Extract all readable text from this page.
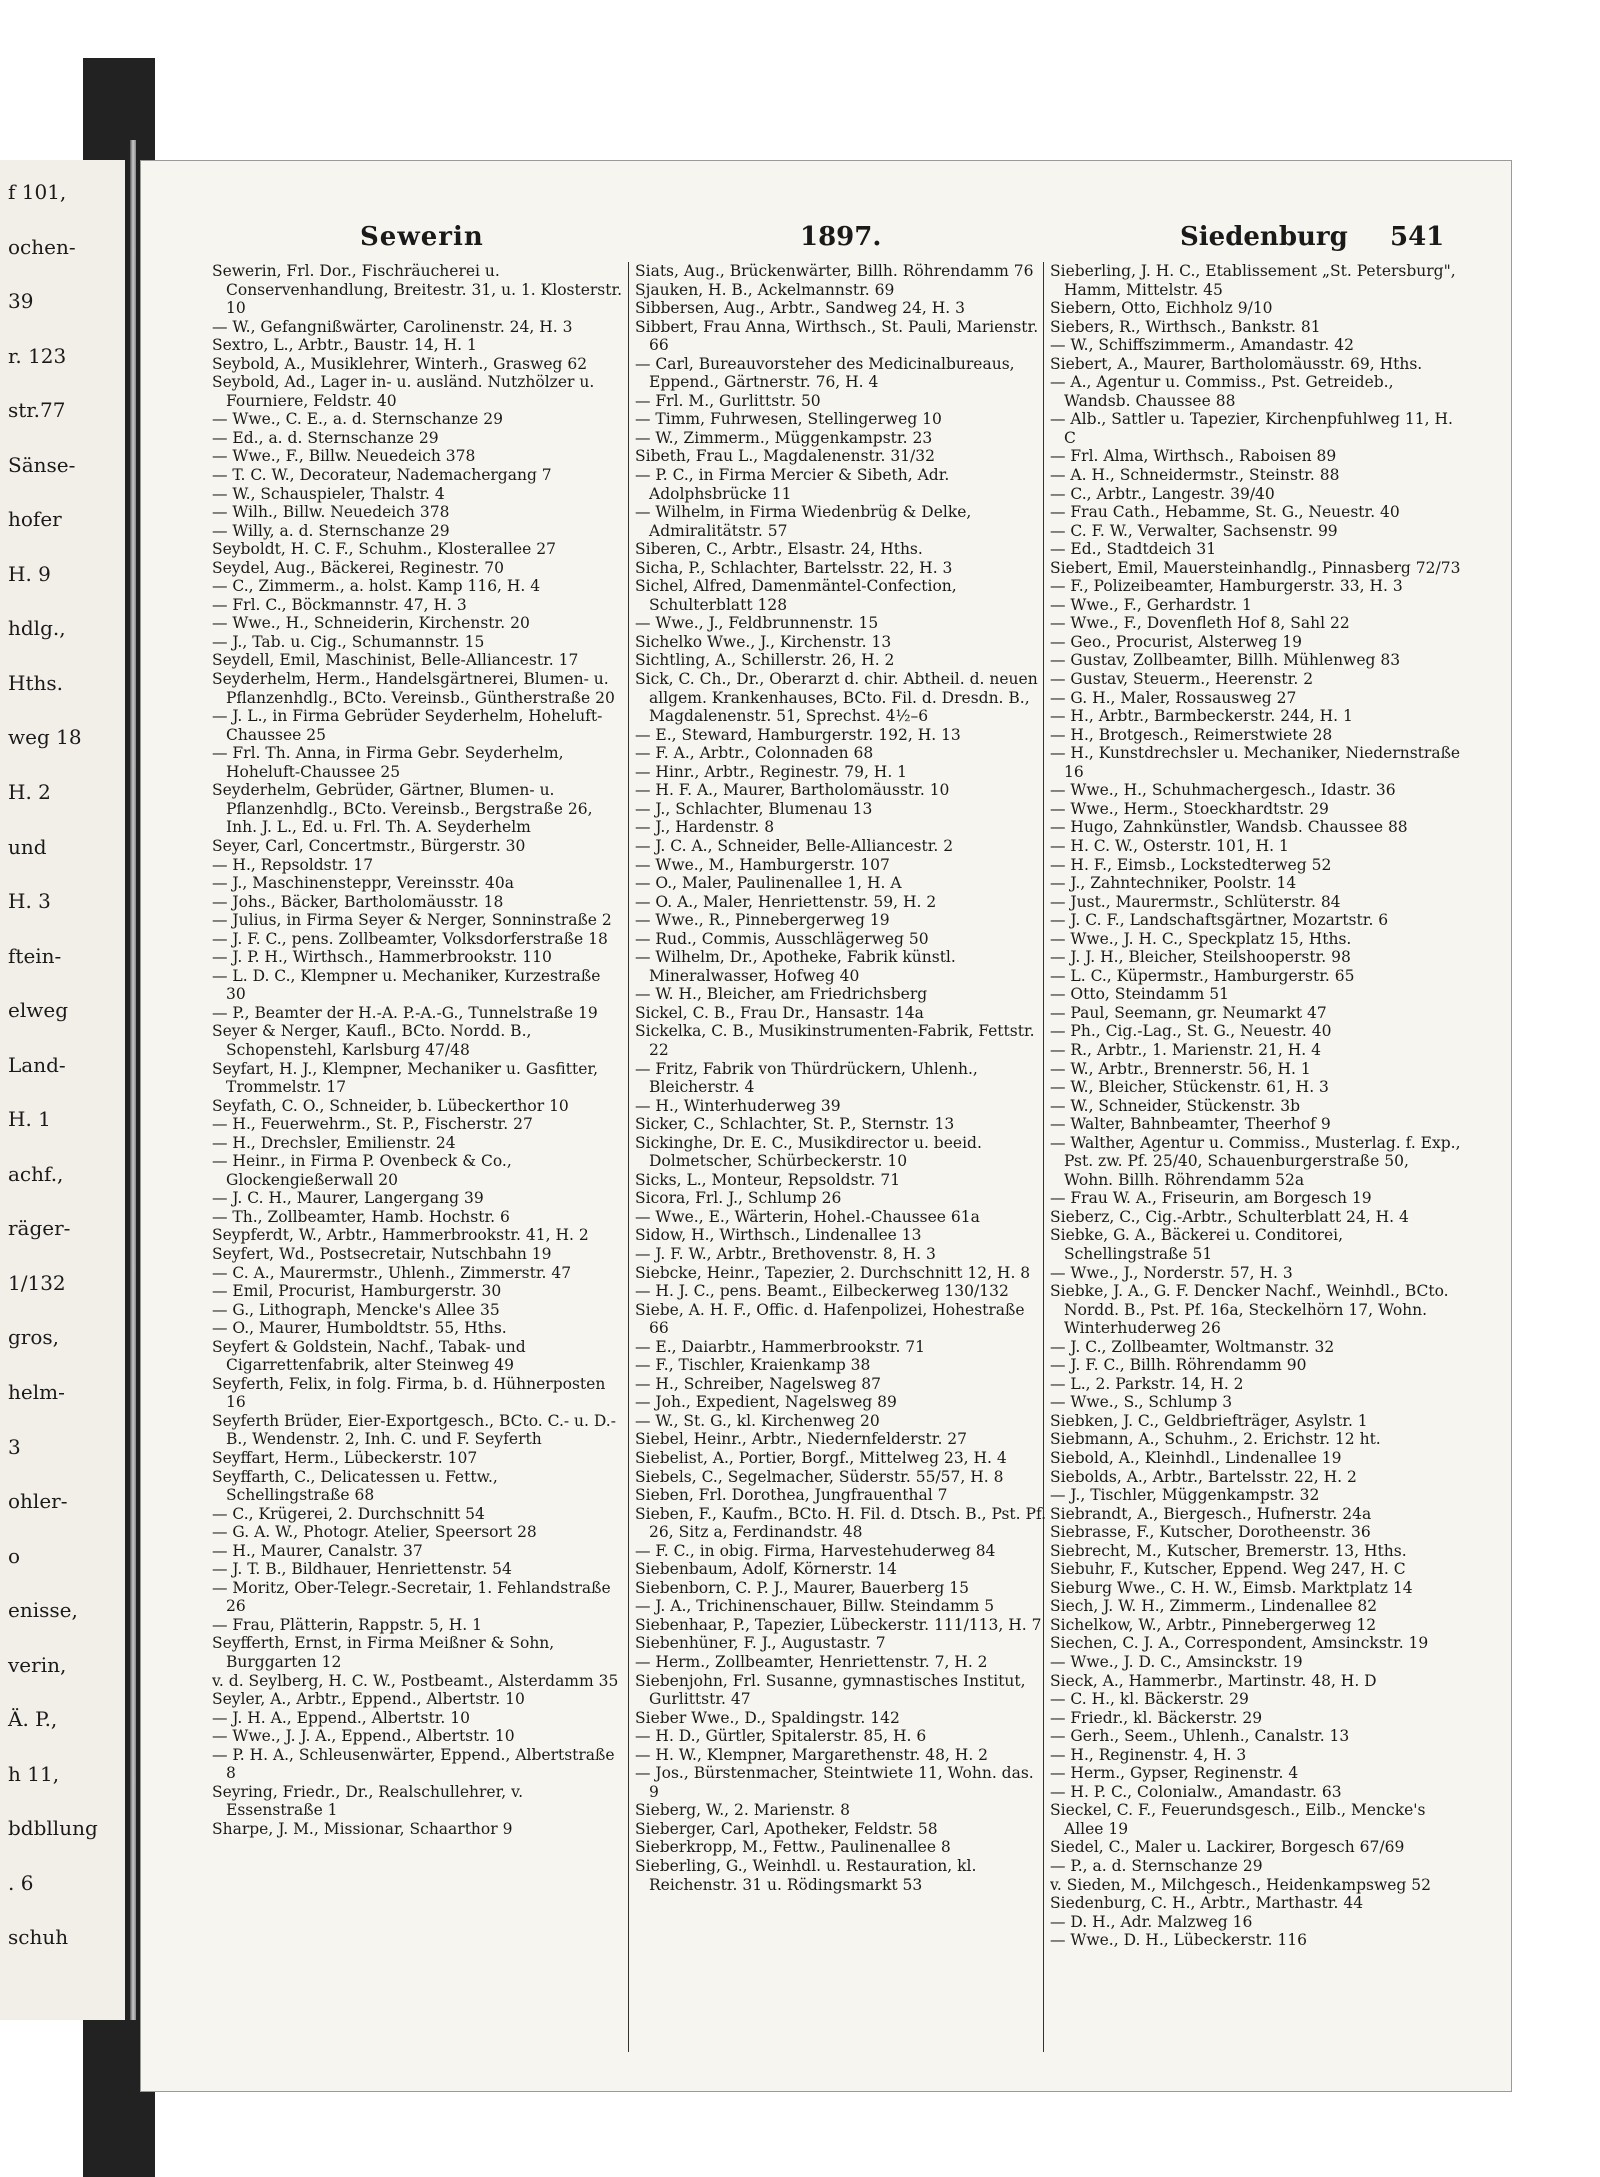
f 101,
ochen-
39
r. 123
str.77
Sänse-
hofer
H. 9
hdlg.,
Hths.
weg 18
H. 2
und
H. 3
ftein-
elweg
Land-
H. 1
achf.,
räger-
1/132
gros,
helm-
3
ohler-
o
enisse,
verin,
Ä. P.,
h 11,
bdbllung
. 6
schuh
Sewerin	1897.	Siedenburg 541

Sewerin, Frl. Dor., Fischräucherei u. Conservenhandlung, Breitestr. 31, u. 1. Klosterstr. 10

— W., Gefangnißwärter, Carolinenstr. 24, H. 3

Sextro, L., Arbtr., Baustr. 14, H. 1

Seybold, A., Musiklehrer, Winterh., Grasweg 62

Seybold, Ad., Lager in- u. ausländ. Nutzhölzer u. Fourniere, Feldstr. 40

— Wwe., C. E., a. d. Sternschanze 29

— Ed., a. d. Sternschanze 29

— Wwe., F., Billw. Neuedeich 378

— T. C. W., Decorateur, Nademachergang 7

— W., Schauspieler, Thalstr. 4

— Wilh., Billw. Neuedeich 378

— Willy, a. d. Sternschanze 29

Seyboldt, H. C. F., Schuhm., Klosterallee 27

Seydel, Aug., Bäckerei, Reginestr. 70

— C., Zimmerm., a. holst. Kamp 116, H. 4

— Frl. C., Böckmannstr. 47, H. 3

— Wwe., H., Schneiderin, Kirchenstr. 20

— J., Tab. u. Cig., Schumannstr. 15

Seydell, Emil, Maschinist, Belle-Alliancestr. 17

Seyderhelm, Herm., Handelsgärtnerei, Blumen- u. Pflanzenhdlg., BCto. Vereinsb., Güntherstraße 20

— J. L., in Firma Gebrüder Seyderhelm, Hoheluft-Chaussee 25

— Frl. Th. Anna, in Firma Gebr. Seyderhelm, Hoheluft-Chaussee 25

Seyderhelm, Gebrüder, Gärtner, Blumen- u. Pflanzenhdlg., BCto. Vereinsb., Bergstraße 26, Inh. J. L., Ed. u. Frl. Th. A. Seyderhelm

Seyer, Carl, Concertmstr., Bürgerstr. 30

— H., Repsoldstr. 17

— J., Maschinensteppr, Vereinsstr. 40a

— Johs., Bäcker, Bartholomäusstr. 18

— Julius, in Firma Seyer & Nerger, Sonninstraße 2

— J. F. C., pens. Zollbeamter, Volksdorferstraße 18

— J. P. H., Wirthsch., Hammerbrookstr. 110

— L. D. C., Klempner u. Mechaniker, Kurzestraße 30

— P., Beamter der H.-A. P.-A.-G., Tunnelstraße 19

Seyer & Nerger, Kaufl., BCto. Nordd. B., Schopenstehl, Karlsburg 47/48

Seyfart, H. J., Klempner, Mechaniker u. Gasfitter, Trommelstr. 17

Seyfath, C. O., Schneider, b. Lübeckerthor 10

— H., Feuerwehrm., St. P., Fischerstr. 27

— H., Drechsler, Emilienstr. 24

— Heinr., in Firma P. Ovenbeck & Co., Glockengießerwall 20

— J. C. H., Maurer, Langergang 39

— Th., Zollbeamter, Hamb. Hochstr. 6

Seypferdt, W., Arbtr., Hammerbrookstr. 41, H. 2

Seyfert, Wd., Postsecretair, Nutschbahn 19

— C. A., Maurermstr., Uhlenh., Zimmerstr. 47

— Emil, Procurist, Hamburgerstr. 30

— G., Lithograph, Mencke's Allee 35

— O., Maurer, Humboldtstr. 55, Hths.

Seyfert & Goldstein, Nachf., Tabak- und Cigarrettenfabrik, alter Steinweg 49

Seyferth, Felix, in folg. Firma, b. d. Hühnerposten 16

Seyferth Brüder, Eier-Exportgesch., BCto. C.- u. D.-B., Wendenstr. 2, Inh. C. und F. Seyferth

Seyffart, Herm., Lübeckerstr. 107

Seyffarth, C., Delicatessen u. Fettw., Schellingstraße 68

— C., Krügerei, 2. Durchschnitt 54

— G. A. W., Photogr. Atelier, Speersort 28

— H., Maurer, Canalstr. 37

— J. T. B., Bildhauer, Henriettenstr. 54

— Moritz, Ober-Telegr.-Secretair, 1. Fehlandstraße 26

— Frau, Plätterin, Rappstr. 5, H. 1

Seyfferth, Ernst, in Firma Meißner & Sohn, Burggarten 12

v. d. Seylberg, H. C. W., Postbeamt., Alsterdamm 35

Seyler, A., Arbtr., Eppend., Albertstr. 10

— J. H. A., Eppend., Albertstr. 10

— Wwe., J. J. A., Eppend., Albertstr. 10

— P. H. A., Schleusenwärter, Eppend., Albertstraße 8

Seyring, Friedr., Dr., Realschullehrer, v. Essenstraße 1

Sharpe, J. M., Missionar, Schaarthor 9

Siats, Aug., Brückenwärter, Billh. Röhrendamm 76

Sjauken, H. B., Ackelmannstr. 69

Sibbersen, Aug., Arbtr., Sandweg 24, H. 3

Sibbert, Frau Anna, Wirthsch., St. Pauli, Marienstr. 66

— Carl, Bureauvorsteher des Medicinalbureaus, Eppend., Gärtnerstr. 76, H. 4

— Frl. M., Gurlittstr. 50

— Timm, Fuhrwesen, Stellingerweg 10

— W., Zimmerm., Müggenkampstr. 23

Sibeth, Frau L., Magdalenenstr. 31/32

— P. C., in Firma Mercier & Sibeth, Adr. Adolphsbrücke 11

— Wilhelm, in Firma Wiedenbrüg & Delke, Admiralitätstr. 57

Siberen, C., Arbtr., Elsastr. 24, Hths.

Sicha, P., Schlachter, Bartelsstr. 22, H. 3

Sichel, Alfred, Damenmäntel-Confection, Schulterblatt 128

— Wwe., J., Feldbrunnenstr. 15

Sichelko Wwe., J., Kirchenstr. 13

Sichtling, A., Schillerstr. 26, H. 2

Sick, C. Ch., Dr., Oberarzt d. chir. Abtheil. d. neuen allgem. Krankenhauses, BCto. Fil. d. Dresdn. B., Magdalenenstr. 51, Sprechst. 4½–6

— E., Steward, Hamburgerstr. 192, H. 13

— F. A., Arbtr., Colonnaden 68

— Hinr., Arbtr., Reginestr. 79, H. 1

— H. F. A., Maurer, Bartholomäusstr. 10

— J., Schlachter, Blumenau 13

— J., Hardenstr. 8

— J. C. A., Schneider, Belle-Alliancestr. 2

— Wwe., M., Hamburgerstr. 107

— O., Maler, Paulinenallee 1, H. A

— O. A., Maler, Henriettenstr. 59, H. 2

— Wwe., R., Pinnebergerweg 19

— Rud., Commis, Ausschlägerweg 50

— Wilhelm, Dr., Apotheke, Fabrik künstl. Mineralwasser, Hofweg 40

— W. H., Bleicher, am Friedrichsberg

Sickel, C. B., Frau Dr., Hansastr. 14a

Sickelka, C. B., Musikinstrumenten-Fabrik, Fettstr. 22

— Fritz, Fabrik von Thürdrückern, Uhlenh., Bleicherstr. 4

— H., Winterhuderweg 39

Sicker, C., Schlachter, St. P., Sternstr. 13

Sickinghe, Dr. E. C., Musikdirector u. beeid. Dolmetscher, Schürbeckerstr. 10

Sicks, L., Monteur, Repsoldstr. 71

Sicora, Frl. J., Schlump 26

— Wwe., E., Wärterin, Hohel.-Chaussee 61a

Sidow, H., Wirthsch., Lindenallee 13

— J. F. W., Arbtr., Brethovenstr. 8, H. 3

Siebcke, Heinr., Tapezier, 2. Durchschnitt 12, H. 8

— H. J. C., pens. Beamt., Eilbeckerweg 130/132

Siebe, A. H. F., Offic. d. Hafenpolizei, Hohestraße 66

— E., Daiarbtr., Hammerbrookstr. 71

— F., Tischler, Kraienkamp 38

— H., Schreiber, Nagelsweg 87

— Joh., Expedient, Nagelsweg 89

— W., St. G., kl. Kirchenweg 20

Siebel, Heinr., Arbtr., Niedernfelderstr. 27

Siebelist, A., Portier, Borgf., Mittelweg 23, H. 4

Siebels, C., Segelmacher, Süderstr. 55/57, H. 8

Sieben, Frl. Dorothea, Jungfrauenthal 7

Sieben, F., Kaufm., BCto. H. Fil. d. Dtsch. B., Pst. Pf. 26, Sitz a, Ferdinandstr. 48

— F. C., in obig. Firma, Harvestehuderweg 84

Siebenbaum, Adolf, Körnerstr. 14

Siebenborn, C. P. J., Maurer, Bauerberg 15

— J. A., Trichinenschauer, Billw. Steindamm 5

Siebenhaar, P., Tapezier, Lübeckerstr. 111/113, H. 7

Siebenhüner, F. J., Augustastr. 7

— Herm., Zollbeamter, Henriettenstr. 7, H. 2

Siebenjohn, Frl. Susanne, gymnastisches Institut, Gurlittstr. 47

Sieber Wwe., D., Spaldingstr. 142

— H. D., Gürtler, Spitalerstr. 85, H. 6

— H. W., Klempner, Margarethenstr. 48, H. 2

— Jos., Bürstenmacher, Steintwiete 11, Wohn. das. 9

Sieberg, W., 2. Marienstr. 8

Sieberger, Carl, Apotheker, Feldstr. 58

Sieberkropp, M., Fettw., Paulinenallee 8

Sieberling, G., Weinhdl. u. Restauration, kl. Reichenstr. 31 u. Rödingsmarkt 53

Sieberling, J. H. C., Etablissement „St. Petersburg", Hamm, Mittelstr. 45

Siebern, Otto, Eichholz 9/10

Siebers, R., Wirthsch., Bankstr. 81

— W., Schiffszimmerm., Amandastr. 42

Siebert, A., Maurer, Bartholomäusstr. 69, Hths.

— A., Agentur u. Commiss., Pst. Getreideb., Wandsb. Chaussee 88

— Alb., Sattler u. Tapezier, Kirchenpfuhlweg 11, H. C

— Frl. Alma, Wirthsch., Raboisen 89

— A. H., Schneidermstr., Steinstr. 88

— C., Arbtr., Langestr. 39/40

— Frau Cath., Hebamme, St. G., Neuestr. 40

— C. F. W., Verwalter, Sachsenstr. 99

— Ed., Stadtdeich 31

Siebert, Emil, Mauersteinhandlg., Pinnasberg 72/73

— F., Polizeibeamter, Hamburgerstr. 33, H. 3

— Wwe., F., Gerhardstr. 1

— Wwe., F., Dovenfleth Hof 8, Sahl 22

— Geo., Procurist, Alsterweg 19

— Gustav, Zollbeamter, Billh. Mühlenweg 83

— Gustav, Steuerm., Heerenstr. 2

— G. H., Maler, Rossausweg 27

— H., Arbtr., Barmbeckerstr. 244, H. 1

— H., Brotgesch., Reimerstwiete 28

— H., Kunstdrechsler u. Mechaniker, Niedernstraße 16

— Wwe., H., Schuhmachergesch., Idastr. 36

— Wwe., Herm., Stoeckhardtstr. 29

— Hugo, Zahnkünstler, Wandsb. Chaussee 88

— H. C. W., Osterstr. 101, H. 1

— H. F., Eimsb., Lockstedterweg 52

— J., Zahntechniker, Poolstr. 14

— Just., Maurermstr., Schlüterstr. 84

— J. C. F., Landschaftsgärtner, Mozartstr. 6

— Wwe., J. H. C., Speckplatz 15, Hths.

— J. J. H., Bleicher, Steilshooperstr. 98

— L. C., Küpermstr., Hamburgerstr. 65

— Otto, Steindamm 51

— Paul, Seemann, gr. Neumarkt 47

— Ph., Cig.-Lag., St. G., Neuestr. 40

— R., Arbtr., 1. Marienstr. 21, H. 4

— W., Arbtr., Brennerstr. 56, H. 1

— W., Bleicher, Stückenstr. 61, H. 3

— W., Schneider, Stückenstr. 3b

— Walter, Bahnbeamter, Theerhof 9

— Walther, Agentur u. Commiss., Musterlag. f. Exp., Pst. zw. Pf. 25/40, Schauenburgerstraße 50, Wohn. Billh. Röhrendamm 52a

— Frau W. A., Friseurin, am Borgesch 19

Sieberz, C., Cig.-Arbtr., Schulterblatt 24, H. 4

Siebke, G. A., Bäckerei u. Conditorei, Schellingstraße 51

— Wwe., J., Norderstr. 57, H. 3

Siebke, J. A., G. F. Dencker Nachf., Weinhdl., BCto. Nordd. B., Pst. Pf. 16a, Steckelhörn 17, Wohn. Winterhuderweg 26

— J. C., Zollbeamter, Woltmanstr. 32

— J. F. C., Billh. Röhrendamm 90

— L., 2. Parkstr. 14, H. 2

— Wwe., S., Schlump 3

Siebken, J. C., Geldbriefträger, Asylstr. 1

Siebmann, A., Schuhm., 2. Erichstr. 12 ht.

Siebold, A., Kleinhdl., Lindenallee 19

Siebolds, A., Arbtr., Bartelsstr. 22, H. 2

— J., Tischler, Müggenkampstr. 32

Siebrandt, A., Biergesch., Hufnerstr. 24a

Siebrasse, F., Kutscher, Dorotheenstr. 36

Siebrecht, M., Kutscher, Bremerstr. 13, Hths.

Siebuhr, F., Kutscher, Eppend. Weg 247, H. C

Sieburg Wwe., C. H. W., Eimsb. Marktplatz 14

Siech, J. W. H., Zimmerm., Lindenallee 82

Sichelkow, W., Arbtr., Pinnebergerweg 12

Siechen, C. J. A., Correspondent, Amsinckstr. 19

— Wwe., J. D. C., Amsinckstr. 19

Sieck, A., Hammerbr., Martinstr. 48, H. D

— C. H., kl. Bäckerstr. 29

— Friedr., kl. Bäckerstr. 29

— Gerh., Seem., Uhlenh., Canalstr. 13

— H., Reginenstr. 4, H. 3

— Herm., Gypser, Reginenstr. 4

— H. P. C., Colonialw., Amandastr. 63

Sieckel, C. F., Feuerundsgesch., Eilb., Mencke's Allee 19

Siedel, C., Maler u. Lackirer, Borgesch 67/69

— P., a. d. Sternschanze 29

v. Sieden, M., Milchgesch., Heidenkampsweg 52

Siedenburg, C. H., Arbtr., Marthastr. 44

— D. H., Adr. Malzweg 16

— Wwe., D. H., Lübeckerstr. 116
